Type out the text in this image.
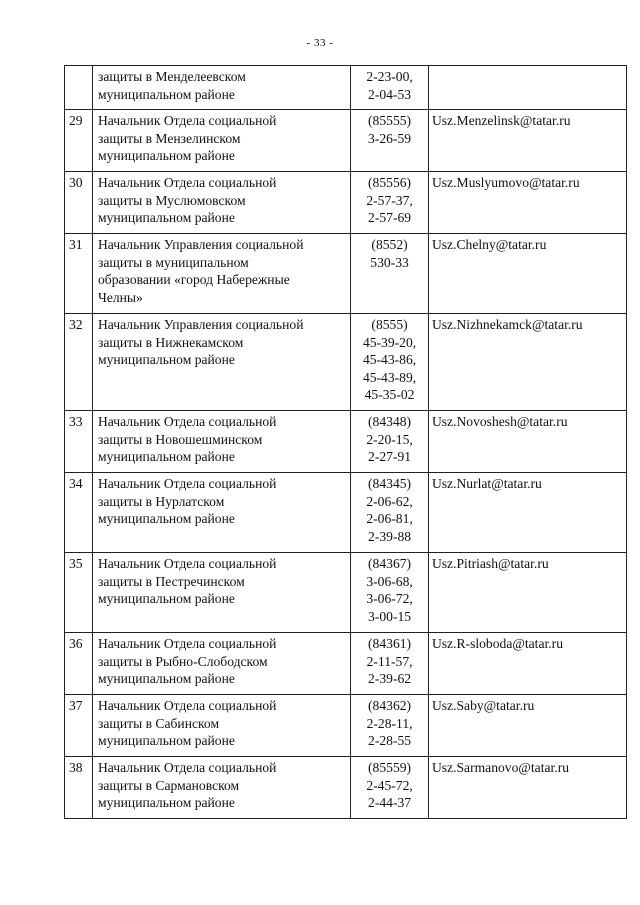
- 33 -

	защиты в Менделеевском
муниципальном районе	2-23-00,
2-04-53	

29	Начальник Отдела социальной
защиты в Мензелинском
муниципальном районе	(85555)
3-26-59	Usz.Menzelinsk@tatar.ru
30	Начальник Отдела социальной
защиты в Муслюмовском
муниципальном районе	(85556)
2-57-37,
2-57-69	Usz.Muslyumovo@tatar.ru
31	Начальник Управления социальной
защиты в муниципальном
образовании «город Набережные
Челны»	(8552)
530-33	Usz.Chelny@tatar.ru
32	Начальник Управления социальной
защиты в Нижнекамском
муниципальном районе	(8555)
45-39-20,
45-43-86,
45-43-89,
45-35-02	Usz.Nizhnekamck@tatar.ru
33	Начальник Отдела социальной
защиты в Новошешминском
муниципальном районе	(84348)
2-20-15,
2-27-91	Usz.Novoshesh@tatar.ru
34	Начальник Отдела социальной
защиты в Нурлатском
муниципальном районе	(84345)
2-06-62,
2-06-81,
2-39-88	Usz.Nurlat@tatar.ru
35	Начальник Отдела социальной
защиты в Пестречинском
муниципальном районе	(84367)
3-06-68,
3-06-72,
3-00-15	Usz.Pitriash@tatar.ru
36	Начальник Отдела социальной
защиты в Рыбно-Слободском
муниципальном районе	(84361)
2-11-57,
2-39-62	Usz.R-sloboda@tatar.ru
37	Начальник Отдела социальной
защиты в Сабинском
муниципальном районе	(84362)
2-28-11,
2-28-55	Usz.Saby@tatar.ru
38	Начальник Отдела социальной
защиты в Сармановском
муниципальном районе	(85559)
2-45-72,
2-44-37	Usz.Sarmanovo@tatar.ru
